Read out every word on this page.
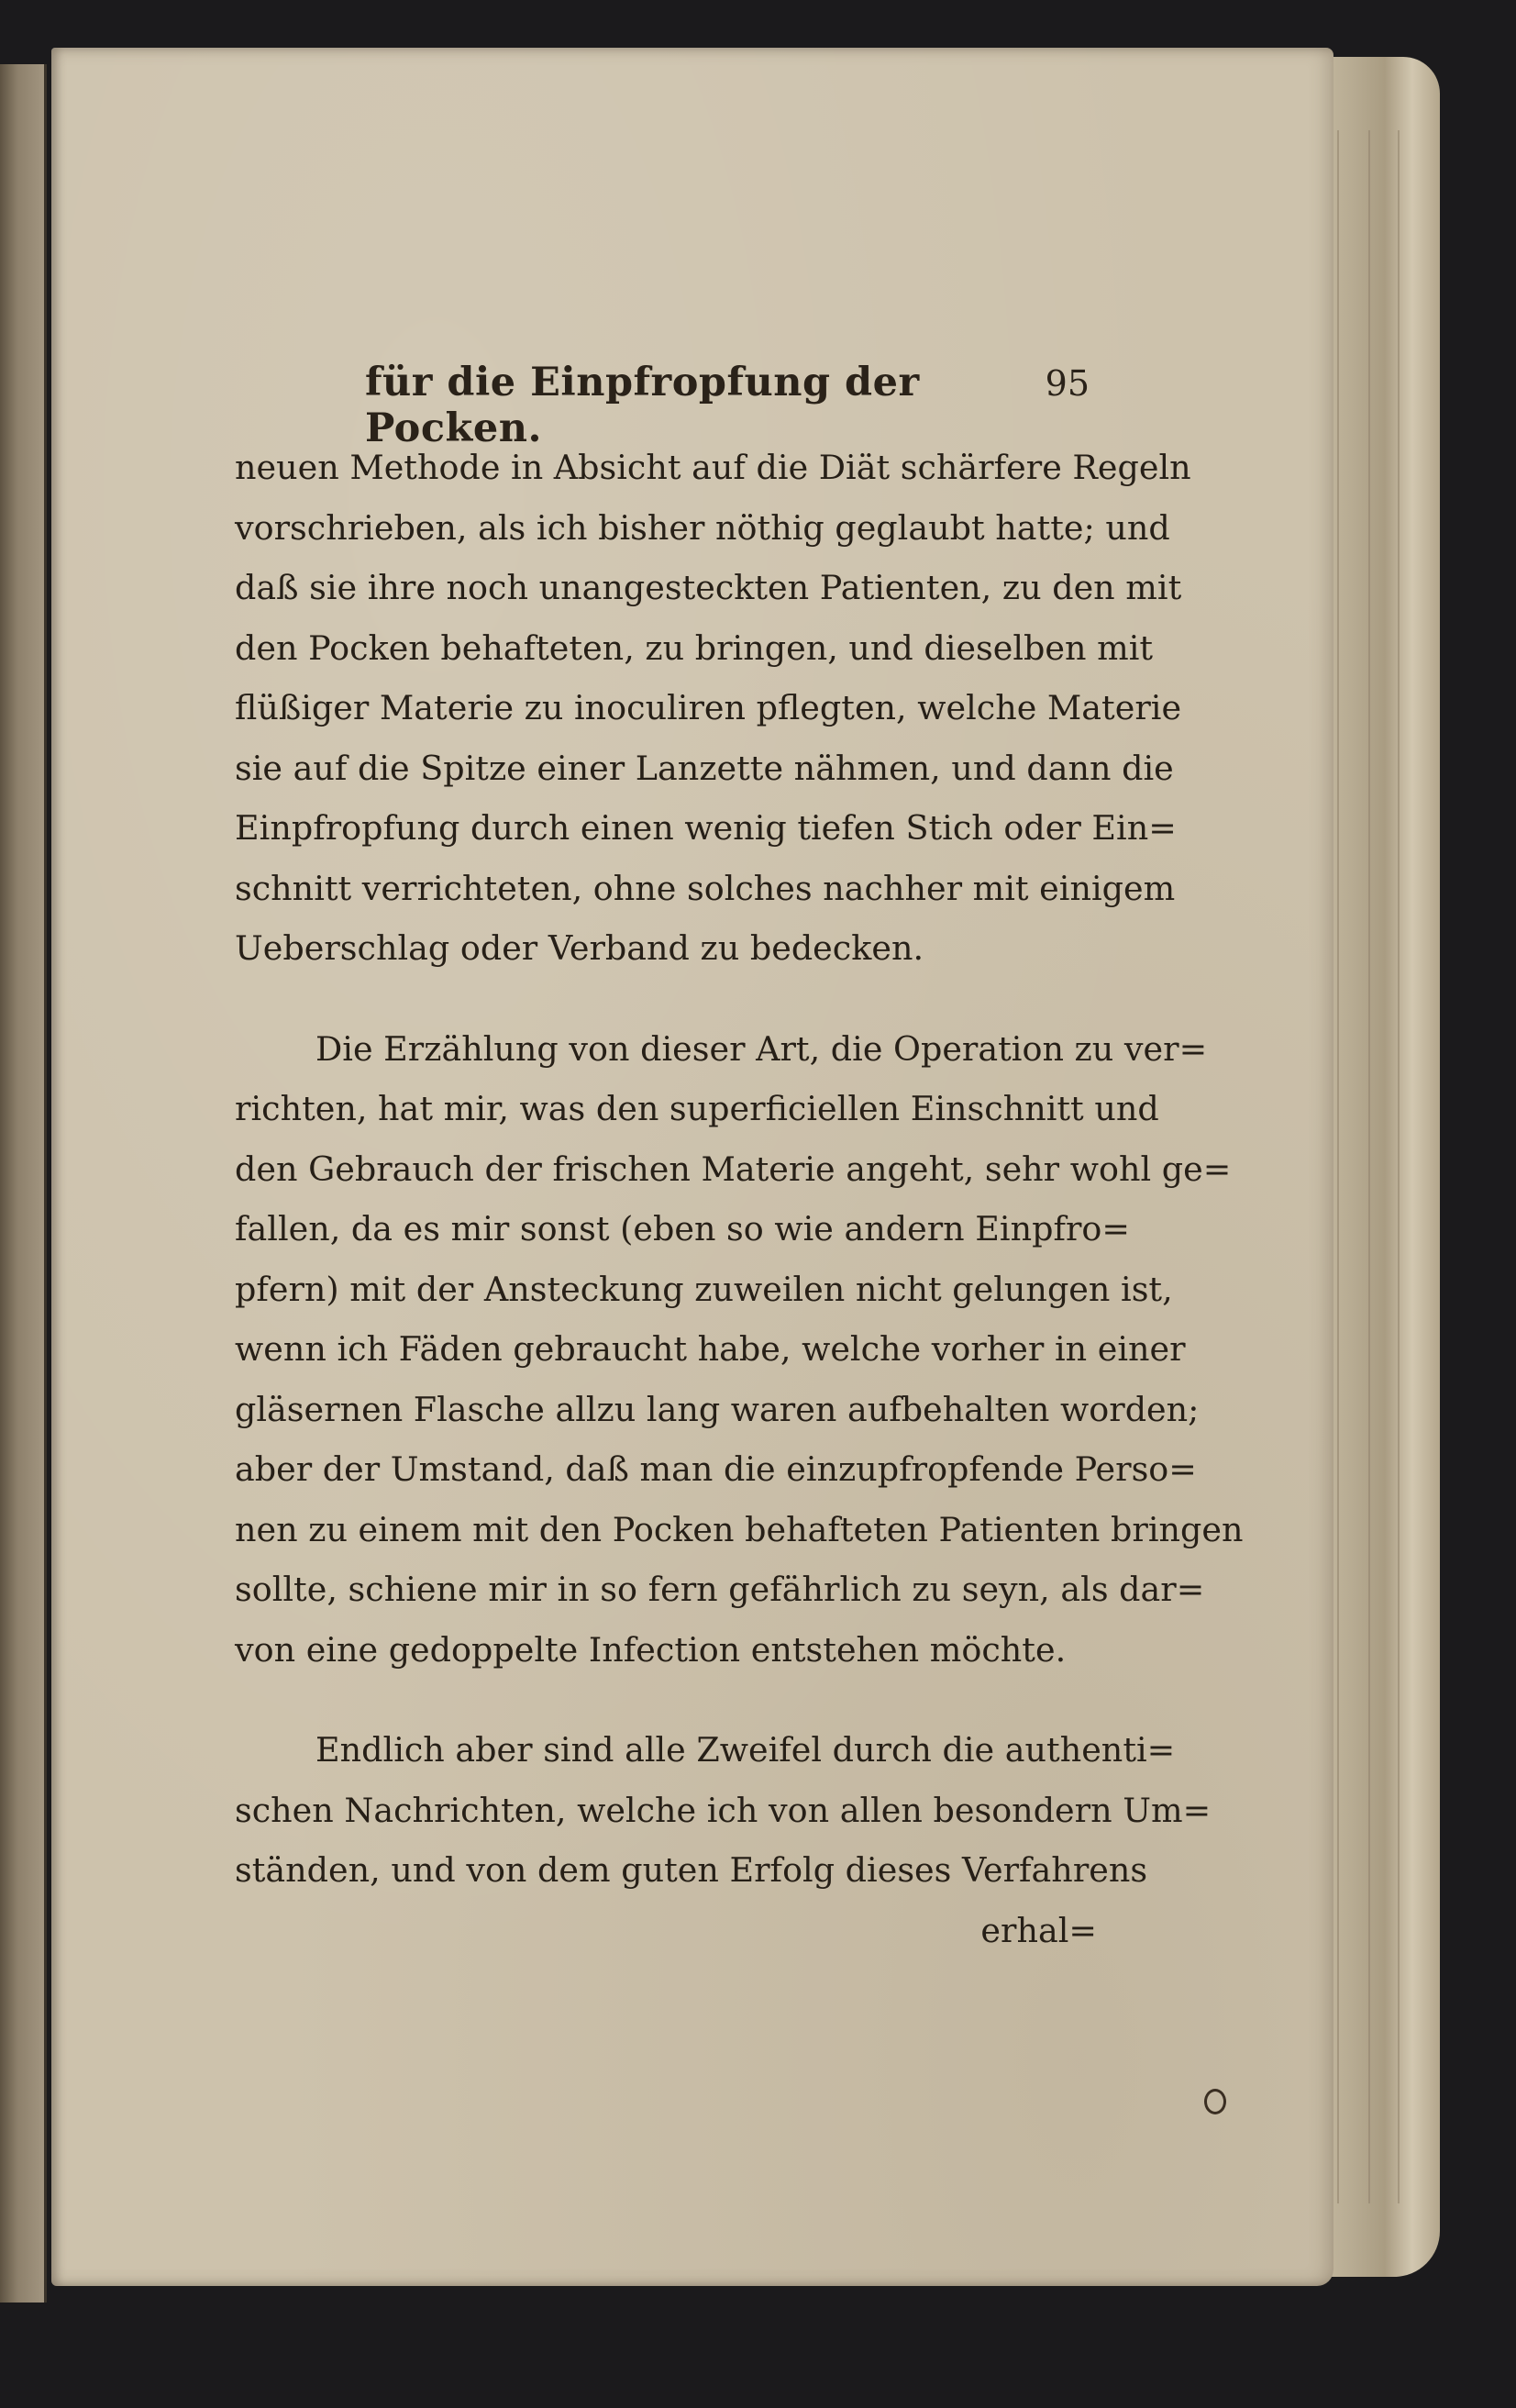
für die Einpfropfung der Pocken.
95
neuen Methode in Absicht auf die Diät schärfere Regeln
vorschrieben, als ich bisher nöthig geglaubt hatte; und
daß sie ihre noch unangesteckten Patienten, zu den mit
den Pocken behafteten, zu bringen, und dieselben mit
flüßiger Materie zu inoculiren pflegten, welche Materie
sie auf die Spitze einer Lanzette nähmen, und dann die
Einpfropfung durch einen wenig tiefen Stich oder Ein=
schnitt verrichteten, ohne solches nachher mit einigem
Ueberschlag oder Verband zu bedecken.
Die Erzählung von dieser Art, die Operation zu ver=
richten, hat mir, was den superficiellen Einschnitt und
den Gebrauch der frischen Materie angeht, sehr wohl ge=
fallen, da es mir sonst (eben so wie andern Einpfro=
pfern) mit der Ansteckung zuweilen nicht gelungen ist,
wenn ich Fäden gebraucht habe, welche vorher in einer
gläsernen Flasche allzu lang waren aufbehalten worden;
aber der Umstand, daß man die einzupfropfende Perso=
nen zu einem mit den Pocken behafteten Patienten bringen
sollte, schiene mir in so fern gefährlich zu seyn, als dar=
von eine gedoppelte Infection entstehen möchte.
Endlich aber sind alle Zweifel durch die authenti=
schen Nachrichten, welche ich von allen besondern Um=
ständen, und von dem guten Erfolg dieses Verfahrens
erhal=
